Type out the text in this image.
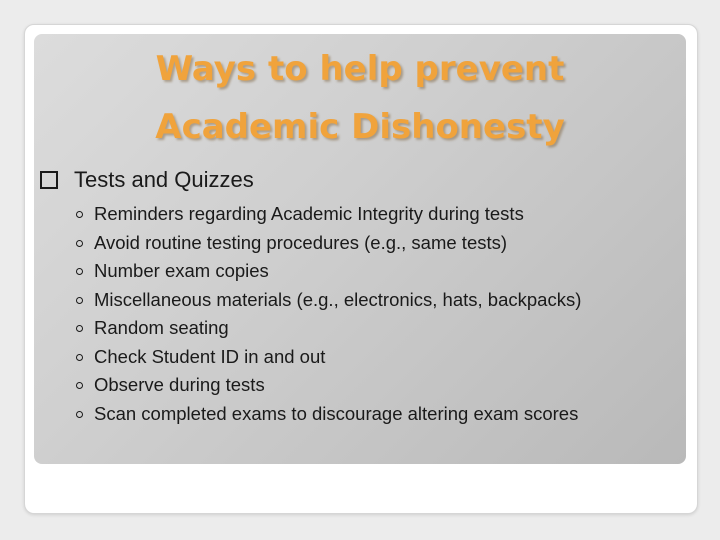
Ways to help prevent
Academic Dishonesty
Tests and Quizzes
Reminders regarding Academic Integrity during tests
Avoid routine testing procedures (e.g., same tests)
Number exam copies
Miscellaneous materials (e.g., electronics, hats, backpacks)
Random seating
Check Student ID in and out
Observe during tests
Scan completed exams to discourage altering exam scores
